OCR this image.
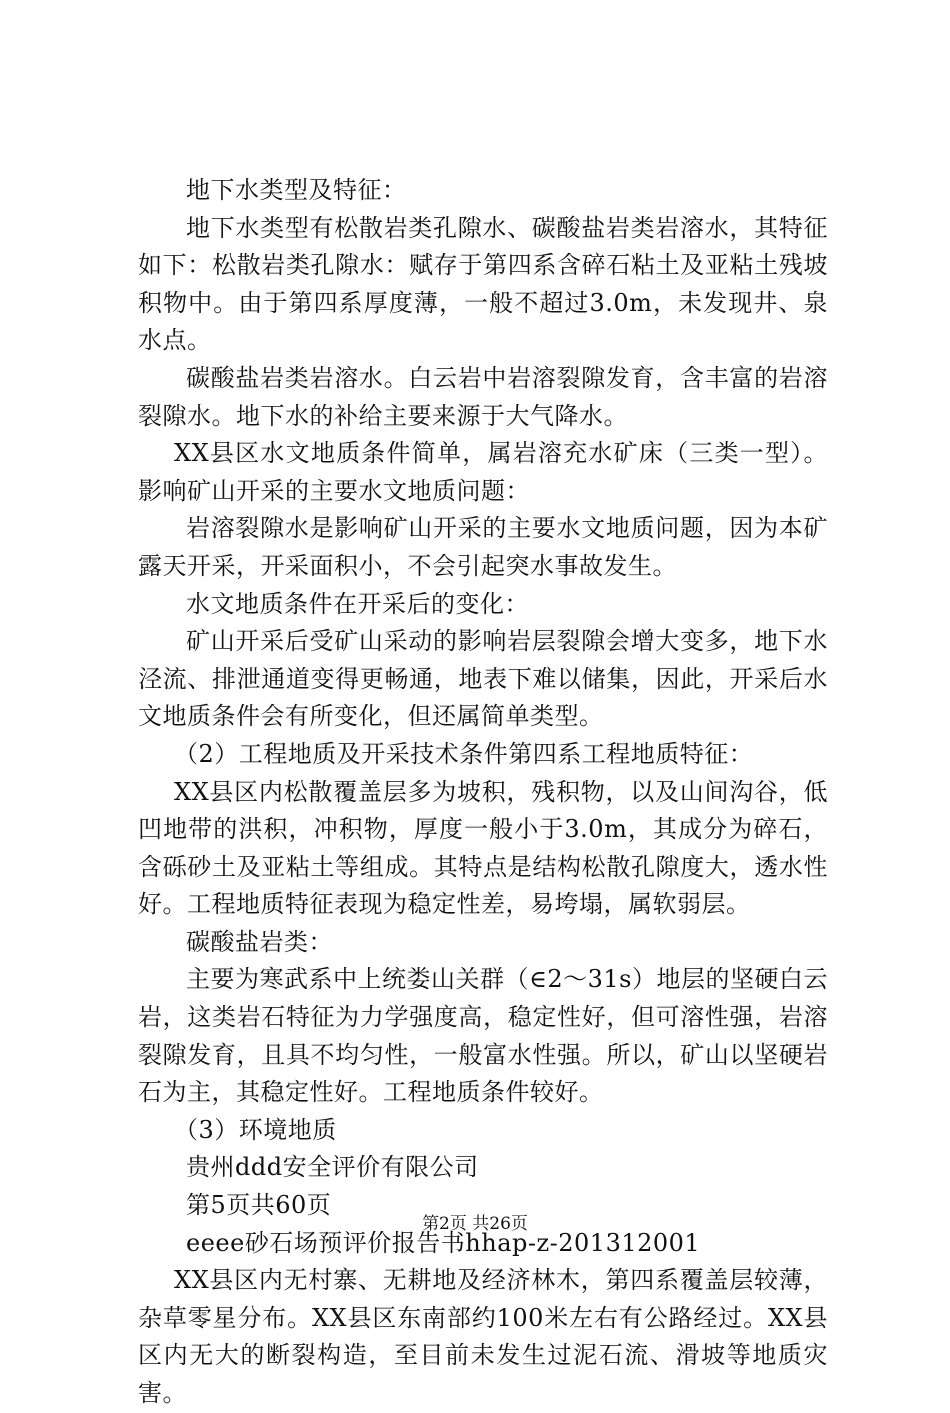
地下水类型及特征：

地下水类型有松散岩类孔隙水、碳酸盐岩类岩溶水，其特征如下：松散岩类孔隙水：赋存于第四系含碎石粘土及亚粘土残坡积物中。由于第四系厚度薄，一般不超过3.0m，未发现井、泉水点。

碳酸盐岩类岩溶水。白云岩中岩溶裂隙发育，含丰富的岩溶裂隙水。地下水的补给主要来源于大气降水。

XX县区水文地质条件简单，属岩溶充水矿床（三类一型）。影响矿山开采的主要水文地质问题：

岩溶裂隙水是影响矿山开采的主要水文地质问题，因为本矿露天开采，开采面积小，不会引起突水事故发生。

水文地质条件在开采后的变化：

矿山开采后受矿山采动的影响岩层裂隙会增大变多，地下水泾流、排泄通道变得更畅通，地表下难以储集，因此，开采后水文地质条件会有所变化，但还属简单类型。

（2）工程地质及开采技术条件第四系工程地质特征：

XX县区内松散覆盖层多为坡积，残积物，以及山间沟谷，低凹地带的洪积，冲积物，厚度一般小于3.0m，其成分为碎石，含砾砂土及亚粘土等组成。其特点是结构松散孔隙度大，透水性好。工程地质特征表现为稳定性差，易垮塌，属软弱层。

碳酸盐岩类：

主要为寒武系中上统娄山关群（∈2～31s）地层的坚硬白云岩，这类岩石特征为力学强度高，稳定性好，但可溶性强，岩溶裂隙发育，且具不均匀性，一般富水性强。所以，矿山以坚硬岩石为主，其稳定性好。工程地质条件较好。

（3）环境地质

贵州ddd安全评价有限公司

第5页共60页

eeee砂石场预评价报告书hhap-z-201312001

XX县区内无村寨、无耕地及经济林木，第四系覆盖层较薄，杂草零星分布。XX县区东南部约100米左右有公路经过。XX县区内无大的断裂构造，至目前未发生过泥石流、滑坡等地质灾害。

第2页 共26页
